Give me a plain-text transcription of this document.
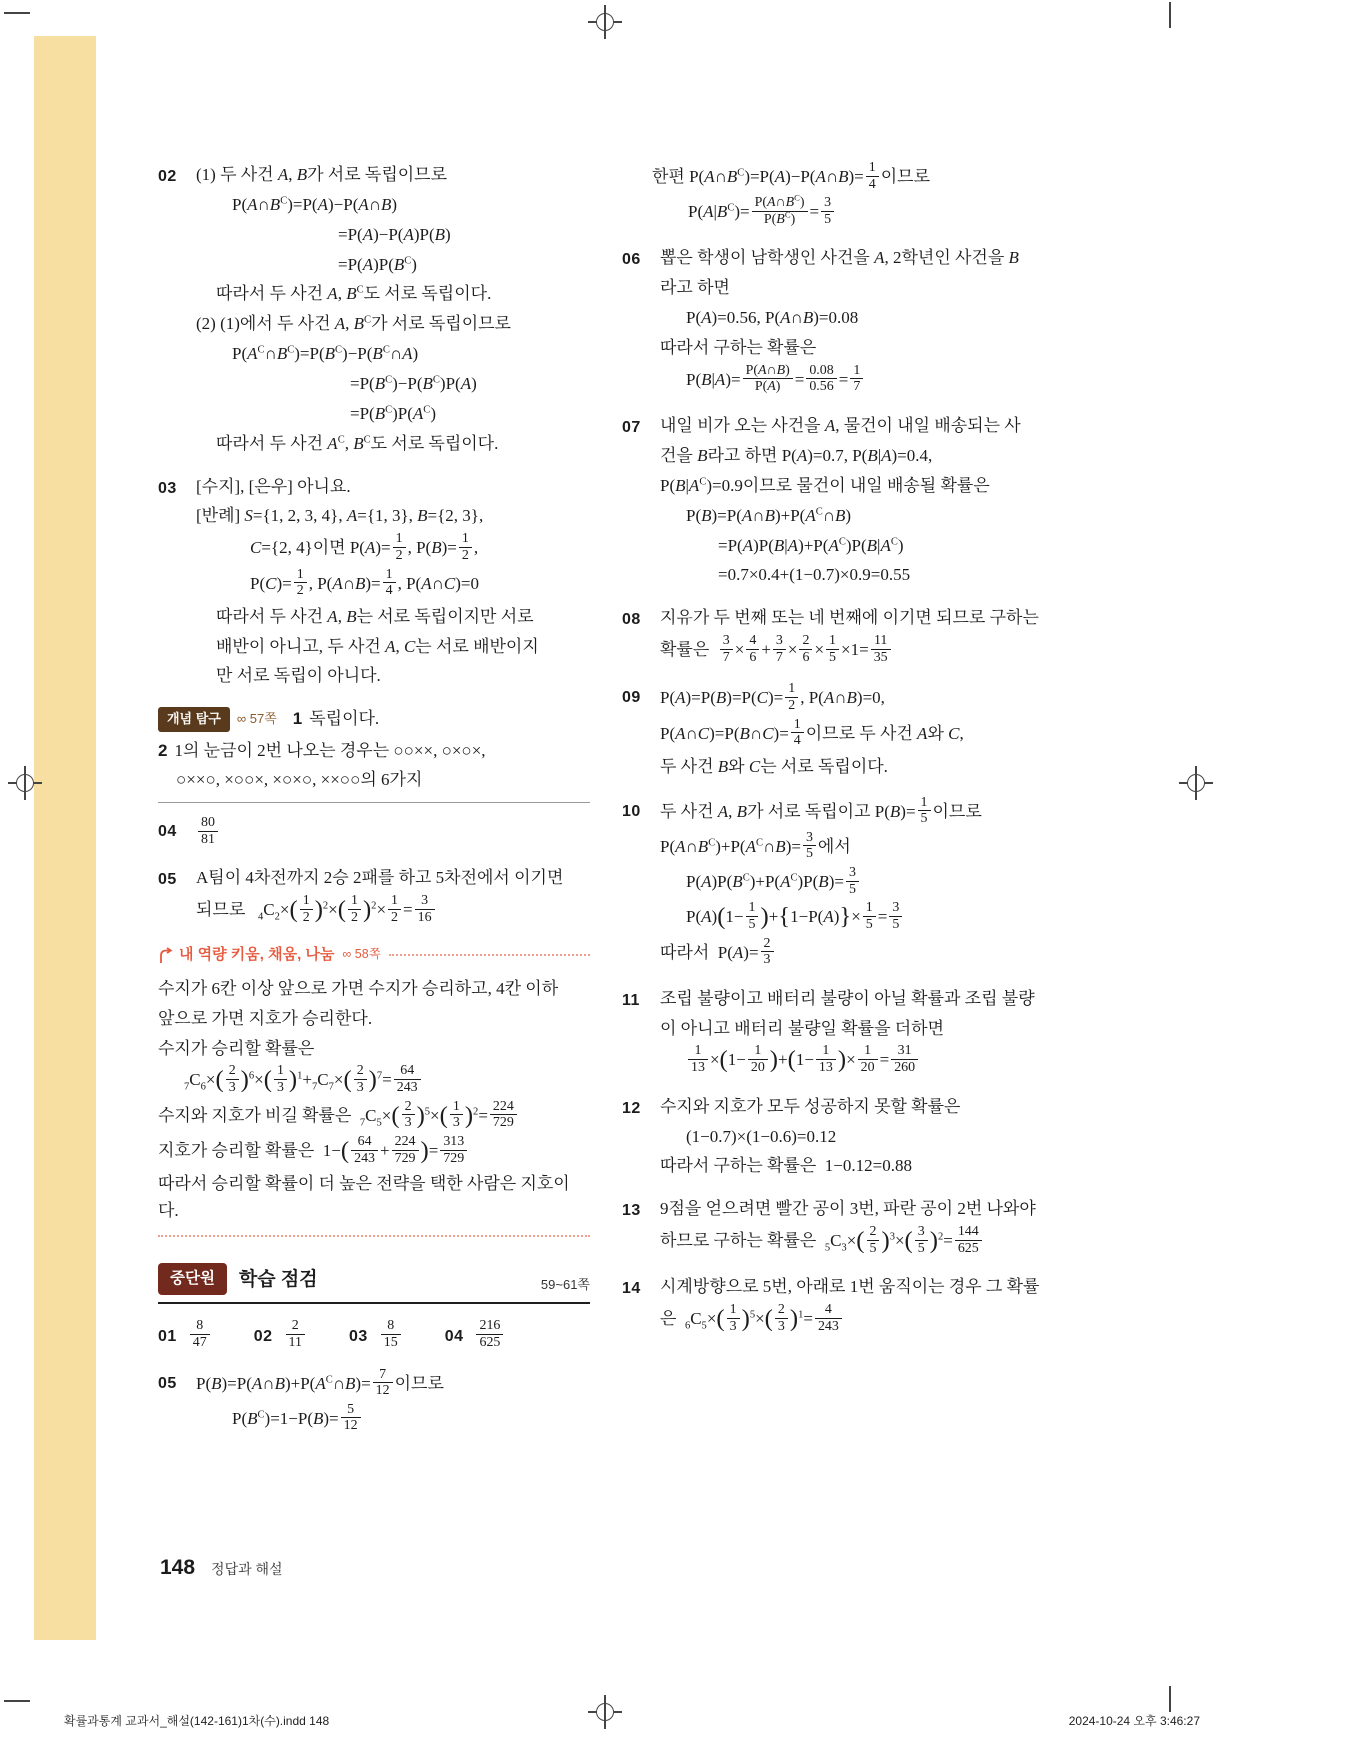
02	(1) 두 사건 A, B가 서로 독립이므로
$P(A\cap B^C)=P(A)-P(A\cap B)$
=P(A)−P(A)P(B)
$=P(A)P(B^C)$
따라서 두 사건 A, $B^C$도 서로 독립이다.
(2) (1)에서 두 사건 A, $B^C$가 서로 독립이므로
$P(A^C\cap B^C)=P(B^C)-P(B^C\cap A)$
$=P(B^C)-P(B^C)P(A)$
$=P(B^C)P(A^C)$
따라서 두 사건 $A^C$, $B^C$도 서로 독립이다.
03	[수지], [은우] 아니요.
[반례] S={1, 2, 3, 4}, A={1, 3}, B={2, 3},
C={2, 4}이면 $P(A)= \frac{1}{2}$ , $P(B)= \frac{1}{2}$ ,
$P(C)= \frac{1}{2}$ , P(A∩B)= $\frac{1}{4}$ , P(A∩C)=0
따라서 두 사건 A, B는 서로 독립이지만 서로
배반이 아니고, 두 사건 A, C는 서로 배반이지
만 서로 독립이 아니다.
개념 탐구	∞ 57쪽 1 독립이다.
2 1의 눈금이 2번 나오는 경우는 ○○××, ○×○×,
○××○, ×○○×, ×○×○, ××○○의 6가지
04	$\frac{80}{81}$
05	A팀이 4차전까지 2승 2패를 하고 5차전에서 이기면
되므로   $_4C_2\times( \frac{1}{2} )^2\times( \frac{1}{2} )^2\times \frac{1}{2} = \frac{3}{16}$
내 역량 키움, 채움, 나눔 ∞ 58쪽
수지가 6칸 이상 앞으로 가면 수지가 승리하고, 4칸 이하
앞으로 가면 지호가 승리한다.
수지가 승리할 확률은
$_7C_6\times( \frac{2}{3} )^6\times( \frac{1}{3} )^1+_7C_7\times( \frac{2}{3} )^7= \frac{64}{243}$
수지와 지호가 비길 확률은  $_7C_5\times( \frac{2}{3} )^5\times( \frac{1}{3} )^2= \frac{224}{729}$
지호가 승리할 확률은  $1-( \frac{64}{243} + \frac{224}{729}$ )= $\frac{313}{729}$
따라서 승리할 확률이 더 높은 전략을 택한 사람은 지호이다.
중단원	학습 점검	59~61쪽
$01 \frac{8}{47}$	$02 \frac{2}{11}$	$03 \frac{8}{15}$	$04 \frac{216}{625}$
05	$P(B)=P(A\cap B)+P(A^C\cap B)= \frac{7}{12}$ 이므로
$P(B^C)=1-P(B)= \frac{5}{12}$
한편 $P(A\cap B^C)=P(A)-P(A\cap B)= \frac{1}{4}$ 이므로
$P(A|B^C)= \frac{P(A\cap B^C)}{P(B^C)} = \frac{3}{5}$
06	뽑은 학생이 남학생인 사건을 A, 2학년인 사건을 B
라고 하면
P(A)=0.56, P(A∩B)=0.08
따라서 구하는 확률은
$P(B|A)= \frac{P(A\cap B)}{P(A)} = \frac{0.08}{0.56} = \frac{1}{7}$
07	내일 비가 오는 사건을 A, 물건이 내일 배송되는 사
건을 B라고 하면 P(A)=0.7, P(B|A)=0.4,
$P(B|A^C)=0.9$이므로 물건이 내일 배송될 확률은
$P(B)=P(A\cap B)+P(A^C\cap B)$
$=P(A)P(B|A)+P(A^C)P(B|A^C)$
=0.7×0.4+(1−0.7)×0.9=0.55
08	지유가 두 번째 또는 네 번째에 이기면 되므로 구하는
확률은 $\frac{3}{7} \times \frac{4}{6} + \frac{3}{7} \times \frac{2}{6} \times \frac{1}{5} \times 1= \frac{11}{35}$
09	$P(A)=P(B)=P(C)= \frac{1}{2}$ , P(A∩B)=0,
P(A∩C)=P(B∩C)= $\frac{1}{4}$ 이므로 두 사건 A와 C,
두 사건 B와 C는 서로 독립이다.
10	두 사건 A, B가 서로 독립이고 $P(B)= \frac{1}{5}$ 이므로
$P(A\cap B^C)+P(A^C\cap B)= \frac{3}{5}$ 에서
$P(A)P(B^C)+P(A^C)P(B)= \frac{3}{5}$
$P(A)(1- \frac{1}{5} )+\{1-P(A)\}\times \frac{1}{5} = \frac{3}{5}$
따라서  $P(A)= \frac{2}{3}$
11	조립 불량이고 배터리 불량이 아닐 확률과 조립 불량
이 아니고 배터리 불량일 확률을 더하면
$\frac{1}{13} \times(1- \frac{1}{20} )+(1- \frac{1}{13}$ )× $\frac{1}{20} = \frac{31}{260}$
12	수지와 지호가 모두 성공하지 못할 확률은
(1−0.7)×(1−0.6)=0.12
따라서 구하는 확률은  1−0.12=0.88
13	9점을 얻으려면 빨간 공이 3번, 파란 공이 2번 나와야
하므로 구하는 확률은  $_5C_3\times( \frac{2}{5} )^3\times( \frac{3}{5} )^2= \frac{144}{625}$
14	시계방향으로 5번, 아래로 1번 움직이는 경우 그 확률
은  $_6C_5\times( \frac{1}{3} )^5\times( \frac{2}{3} )^1= \frac{4}{243}$
148 정답과 해설
확률과통계 교과서_해설(142-161)1차(수).indd 148	2024-10-24 오후 3:46:27
